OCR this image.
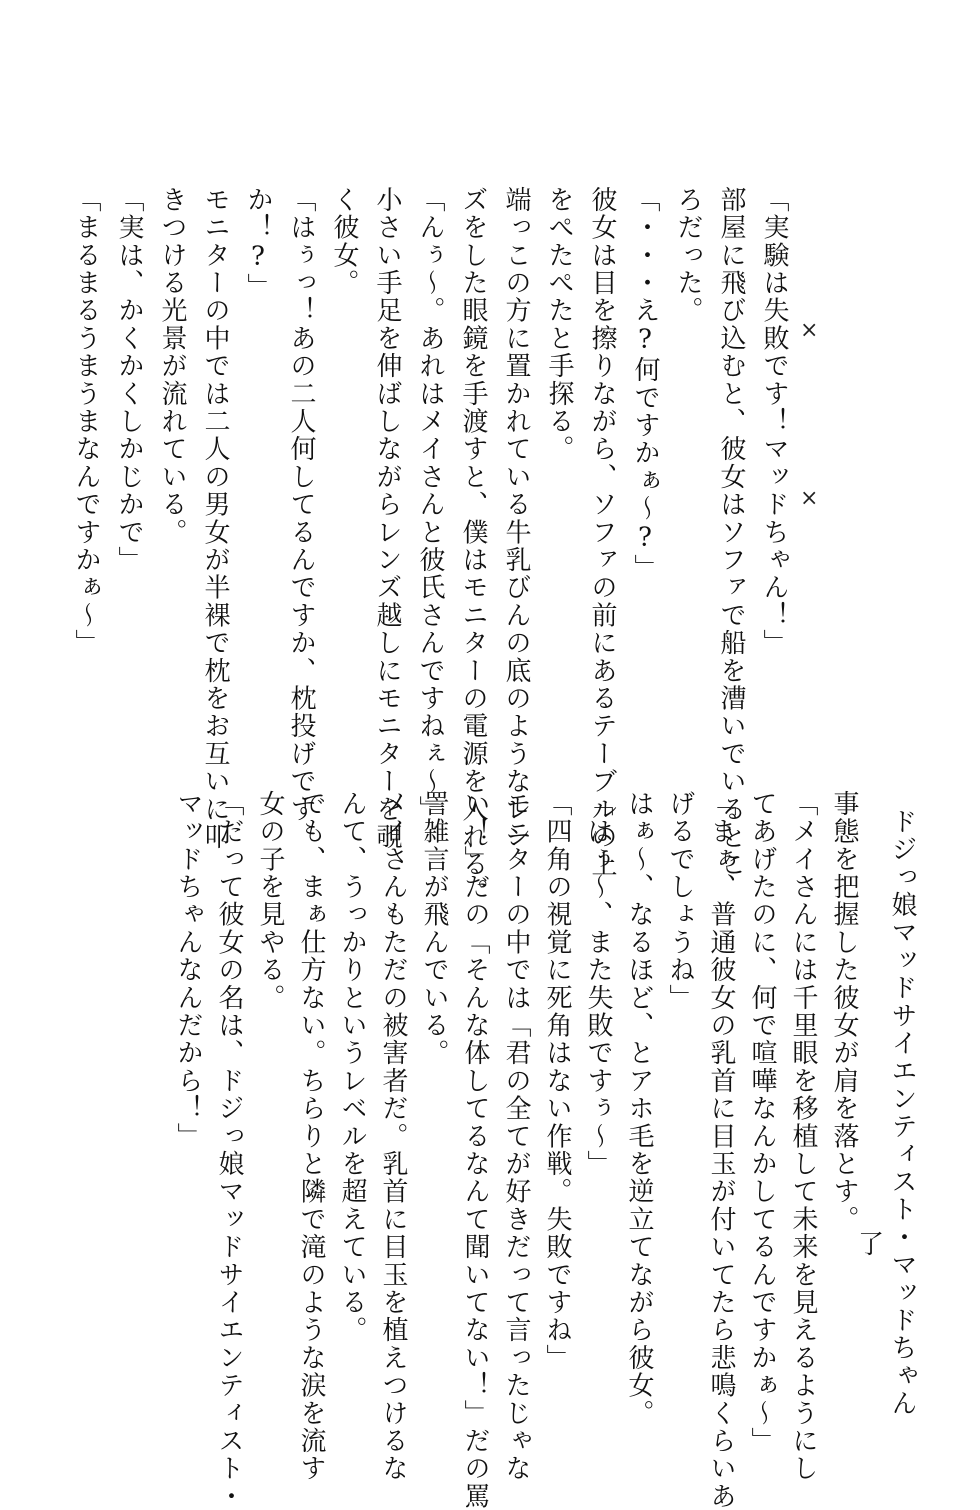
×
×
「実験は失敗です！マッドちゃん！」
部屋に飛び込むと、彼女はソファで船を漕いでいるとこ
ろだった。
「・・・え?何ですかぁ〜?」
彼女は目を擦りながら、ソファの前にあるテーブルの上
をぺたぺたと手探る。
端っこの方に置かれている牛乳びんの底のようなレン
ズをした眼鏡を手渡すと、僕はモニターの電源を入れる。
「んぅ〜。あれはメイさんと彼氏さんですねぇ〜」
小さい手足を伸ばしながらレンズ越しにモニターを覗
く彼女。
「はぅっ！あの二人何してるんですか、枕投げです
か！?」
モニターの中では二人の男女が半裸で枕をお互いに叩
きつける光景が流れている。
「実は、かくかくしかじかで」
「まるまるうまうまなんですかぁ〜」
事態を把握した彼女が肩を落とす。
「メイさんには千里眼を移植して未来を見えるようにし
てあげたのに、何で喧嘩なんかしてるんですかぁ〜」
「まぁ、普通彼女の乳首に目玉が付いてたら悲鳴くらいあ
げるでしょうね」
はぁ〜、なるほど、とアホ毛を逆立てながら彼女。
「はぅ〜、また失敗ですぅ〜」
「四角の視覚に死角はない作戦。失敗ですね」
モニターの中では「君の全てが好きだって言ったじゃな
い！」だの「そんな体してるなんて聞いてない！」だの罵
詈雑言が飛んでいる。
メイさんもただの被害者だ。乳首に目玉を植えつけるな
んて、うっかりというレベルを超えている。
でも、まぁ仕方ない。ちらりと隣で滝のような涙を流す
女の子を見やる。
「だって彼女の名は、ドジっ娘マッドサイエンティスト・
マッドちゃんなんだから！」	ドジっ娘マッドサイエンティスト・マッドちゃん
了
